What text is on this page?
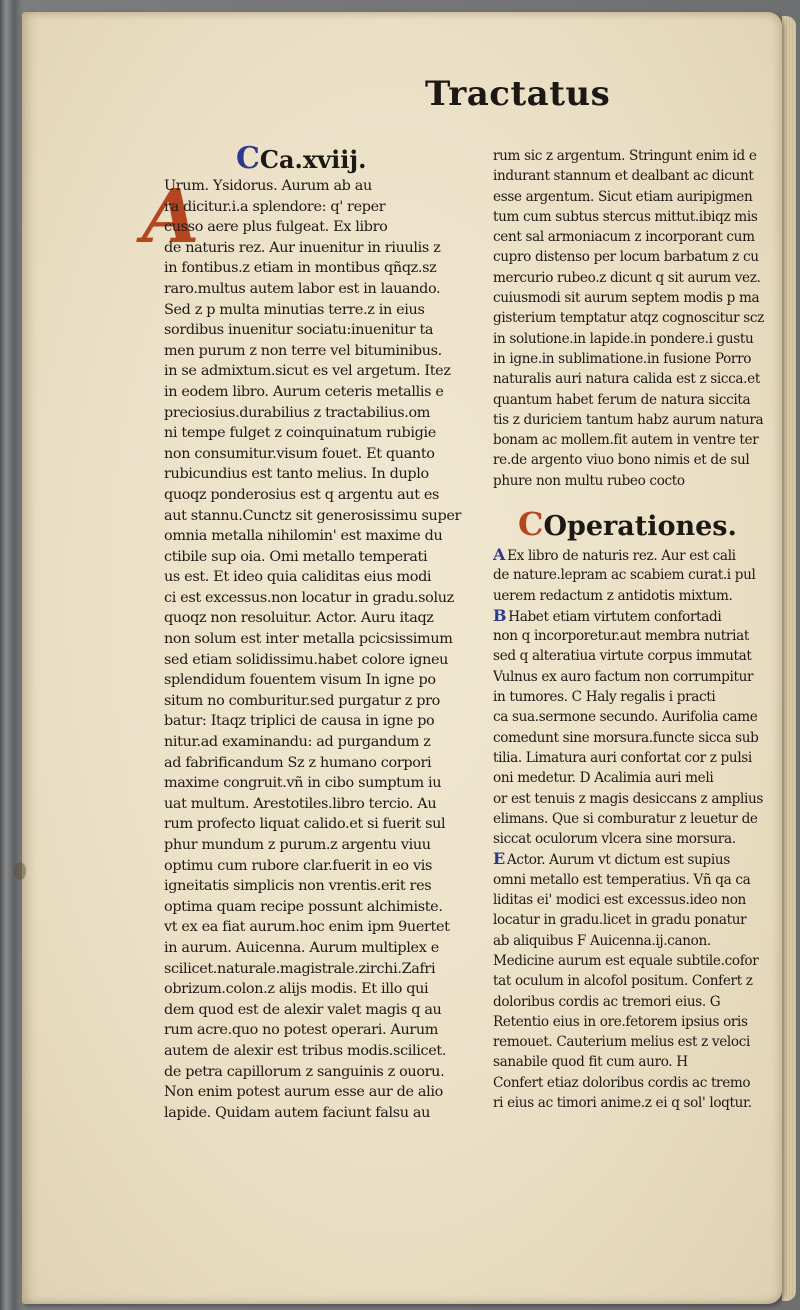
Tractatus
CCa.xviij.
A
Urum. Ysidorus. Aurum ab au
ra dicitur.i.a splendore: q' reper
cusso aere plus fulgeat. Ex libro
de naturis rez. Aur inuenitur in riuulis z
in fontibus.z etiam in montibus qñqz.sz
raro.multus autem labor est in lauando.
Sed z p multa minutias terre.z in eius
sordibus inuenitur sociatu:inuenitur ta
men purum z non terre vel bituminibus.
in se admixtum.sicut es vel argetum. Itez
in eodem libro. Aurum ceteris metallis e
preciosius.durabilius z tractabilius.om
ni tempe fulget z coinquinatum rubigie
non consumitur.visum fouet. Et quanto
rubicundius est tanto melius. In duplo
quoqz ponderosius est q argentu aut es
aut stannu.Cunctz sit generosissimu super
omnia metalla nihilomin' est maxime du
ctibile sup oia. Omi metallo temperati
us est. Et ideo quia caliditas eius modi
ci est excessus.non locatur in gradu.soluz
quoqz non resoluitur. Actor. Auru itaqz
non solum est inter metalla pcicsissimum
sed etiam solidissimu.habet colore igneu
splendidum fouentem visum In igne po
situm no comburitur.sed purgatur z pro
batur: Itaqz triplici de causa in igne po
nitur.ad examinandu: ad purgandum z
ad fabrificandum Sz z humano corpori
maxime congruit.vñ in cibo sumptum iu
uat multum. Arestotiles.libro tercio. Au
rum profecto liquat calido.et si fuerit sul
phur mundum z purum.z argentu viuu
optimu cum rubore clar.fuerit in eo vis
igneitatis simplicis non vrentis.erit res
optima quam recipe possunt alchimiste.
vt ex ea fiat aurum.hoc enim ipm 9uertet
in aurum. Auicenna. Aurum multiplex e
scilicet.naturale.magistrale.zirchi.Zafri
obrizum.colon.z alijs modis. Et illo qui
dem quod est de alexir valet magis q au
rum acre.quo no potest operari. Aurum
autem de alexir est tribus modis.scilicet.
de petra capillorum z sanguinis z ouoru.
Non enim potest aurum esse aur de alio
lapide. Quidam autem faciunt falsu au
rum sic z argentum. Stringunt enim id e
indurant stannum et dealbant ac dicunt
esse argentum. Sicut etiam auripigmen
tum cum subtus stercus mittut.ibiqz mis
cent sal armoniacum z incorporant cum
cupro distenso per locum barbatum z cu
mercurio rubeo.z dicunt q sit aurum vez.
cuiusmodi sit aurum septem modis p ma
gisterium temptatur atqz cognoscitur scz
in solutione.in lapide.in pondere.i gustu
in igne.in sublimatione.in fusione Porro
naturalis auri natura calida est z sicca.et
quantum habet ferum de natura siccita
tis z duriciem tantum habz aurum natura
bonam ac mollem.fit autem in ventre ter
re.de argento viuo bono nimis et de sul
phure non multu rubeo cocto
COperationes.
A Ex libro de naturis rez. Aur est cali
de nature.lepram ac scabiem curat.i pul
uerem redactum z antidotis mixtum.
B Habet etiam virtutem confortadi
non q incorporetur.aut membra nutriat
sed q alteratiua virtute corpus immutat
Vulnus ex auro factum non corrumpitur
in tumores. C Haly regalis i practi
ca sua.sermone secundo. Aurifolia came
comedunt sine morsura.functe sicca sub
tilia. Limatura auri confortat cor z pulsi
oni medetur. D Acalimia auri meli
or est tenuis z magis desiccans z amplius
elimans. Que si comburatur z leuetur de
siccat oculorum vlcera sine morsura.
E Actor. Aurum vt dictum est supius
omni metallo est temperatius. Vñ qa ca
liditas ei' modici est excessus.ideo non
locatur in gradu.licet in gradu ponatur
ab aliquibus F Auicenna.ij.canon.
Medicine aurum est equale subtile.cofor
tat oculum in alcofol positum. Confert z
doloribus cordis ac tremori eius. G
Retentio eius in ore.fetorem ipsius oris
remouet. Cauterium melius est z veloci
sanabile quod fit cum auro. H
Confert etiaz doloribus cordis ac tremo
ri eius ac timori anime.z ei q sol' loqtur.
